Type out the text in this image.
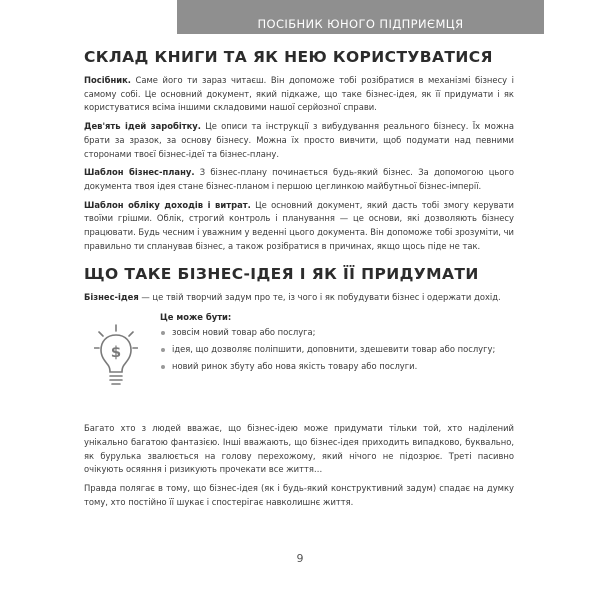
ПОСІБНИК ЮНОГО ПІДПРИЄМЦЯ
СКЛАД КНИГИ ТА ЯК НЕЮ КОРИСТУВАТИСЯ

Посібник. Саме його ти зараз читаєш. Він допоможе тобі розібратися в механізмі бізнесу і самому собі. Це основний документ, який підкаже, що таке бізнес-ідея, як її придумати і як користуватися всіма іншими складовими нашої серйозної справи.

Дев'ять ідей заробітку. Це описи та інструкції з вибудування реального бізнесу. Їх можна брати за зразок, за основу бізнесу. Можна їх просто вивчити, щоб подумати над певними сторонами твоєї бізнес-ідеї та бізнес-плану.

Шаблон бізнес-плану. З бізнес-плану починається будь-який бізнес. За допомогою цього документа твоя ідея стане бізнес-планом і першою цеглинкою майбутньої бізнес-імперії.

Шаблон обліку доходів і витрат. Це основний документ, який дасть тобі змогу керувати твоїми грішми. Облік, строгий контроль і планування — це основи, які дозволяють бізнесу працювати. Будь чесним і уважним у веденні цього документа. Він допоможе тобі зрозуміти, чи правильно ти спланував бізнес, а також розібратися в причинах, якщо щось піде не так.

ЩО ТАКЕ БІЗНЕС-ІДЕЯ І ЯК ЇЇ ПРИДУМАТИ

Бізнес-ідея — це твій творчий задум про те, із чого і як побудувати бізнес і одержати дохід.

$
Це може бути:
зовсім новий товар або послуга;
ідея, що дозволяє поліпшити, доповнити, здешевити товар або послугу;
новий ринок збуту або нова якість товару або послуги.

Багато хто з людей вважає, що бізнес-ідею може придумати тільки той, хто наділений унікально багатою фантазією. Інші вважають, що бізнес-ідея приходить випадково, буквально, як бурулька звалюється на голову перехожому, який нічого не підозрює. Треті пасивно очікують осяяння і ризикують прочекати все життя…

Правда полягає в тому, що бізнес-ідея (як і будь-який конструктивний задум) спадає на думку тому, хто постійно її шукає і спостерігає навколишнє життя.

9
